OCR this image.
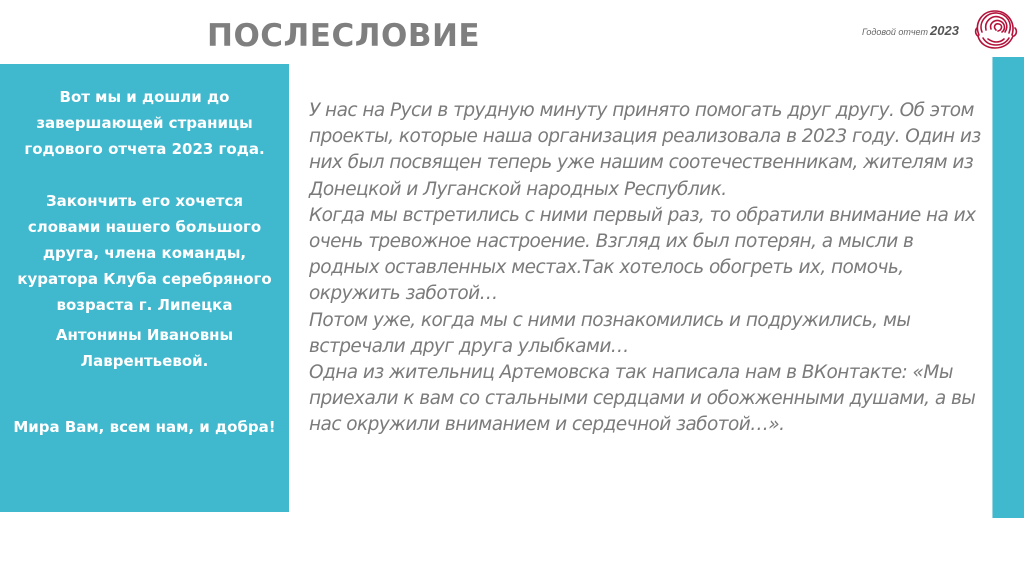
ПОСЛЕСЛОВИЕ	Годовой отчет 2023

Вот мы и дошли до завершающей страницы годового отчета 2023 года.

Закончить его хочется словами нашего большого друга, члена команды, куратора Клуба серебряного возраста г. Липецка

Антонины Ивановны Лаврентьевой.

Мира Вам, всем нам, и добра!

У нас на Руси в трудную минуту принято помогать друг другу. Об этом проекты, которые наша организация реализовала в 2023 году. Один из них был посвящен теперь уже нашим соотечественникам, жителям из Донецкой и Луганской народных Республик.

Когда мы встретились с ними первый раз, то обратили внимание на их очень тревожное настроение. Взгляд их был потерян, а мысли в родных оставленных местах.Так хотелось обогреть их, помочь, окружить заботой…

Потом уже, когда мы с ними познакомились и подружились, мы встречали друг друга улыбками…

Одна из жительниц Артемовска так написала нам в ВКонтакте: «Мы приехали к вам со стальными сердцами и обожженными душами, а вы нас окружили вниманием и сердечной заботой…».
